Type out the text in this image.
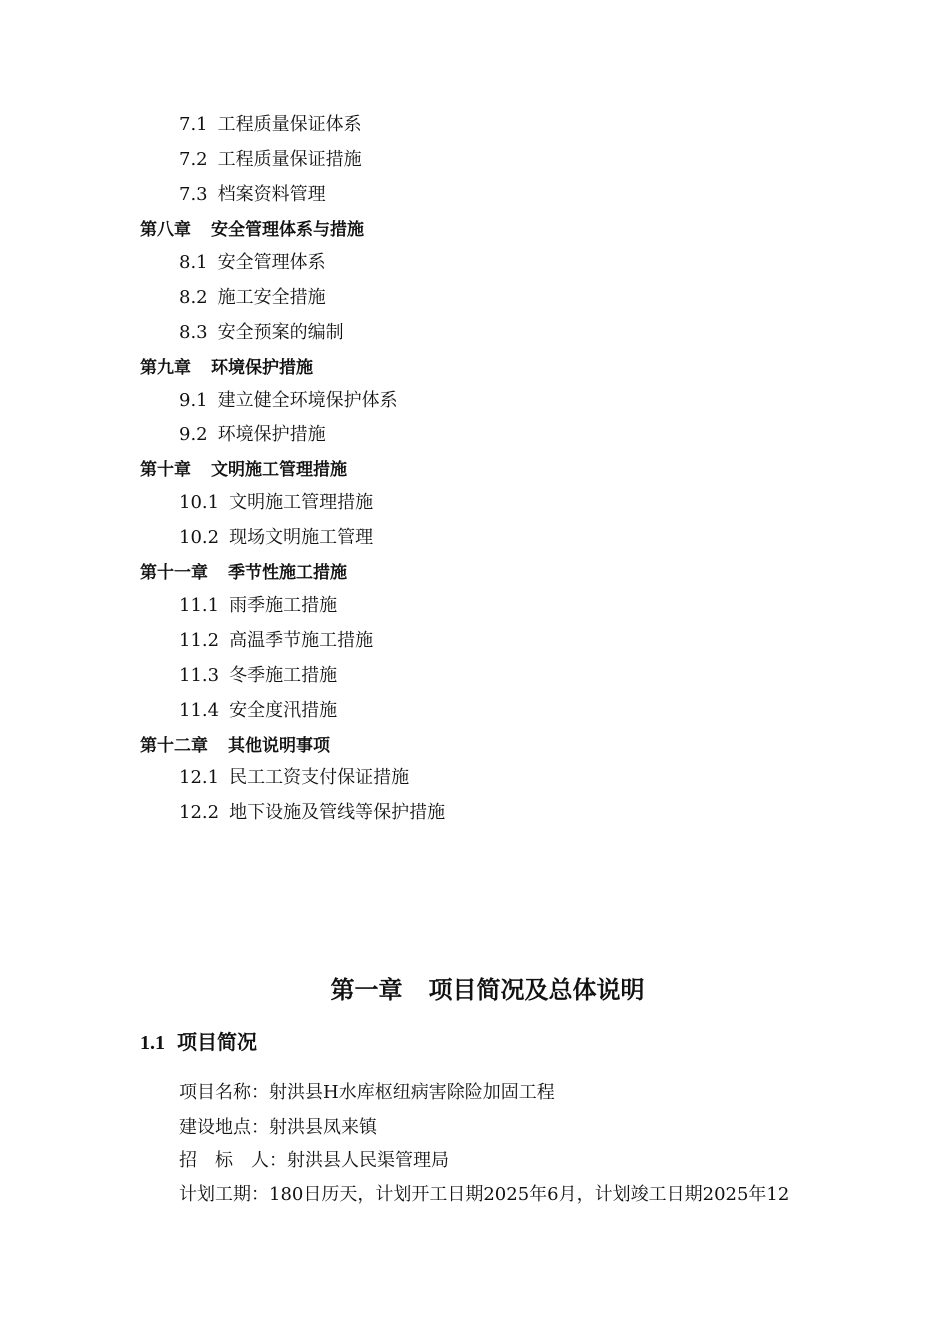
7.1 工程质量保证体系
7.2 工程质量保证措施
7.3 档案资料管理
第八章 安全管理体系与措施
8.1 安全管理体系
8.2 施工安全措施
8.3 安全预案的编制
第九章 环境保护措施
9.1 建立健全环境保护体系
9.2 环境保护措施
第十章 文明施工管理措施
10.1 文明施工管理措施
10.2 现场文明施工管理
第十一章 季节性施工措施
11.1 雨季施工措施
11.2 高温季节施工措施
11.3 冬季施工措施
11.4 安全度汛措施
第十二章 其他说明事项
12.1 民工工资支付保证措施
12.2 地下设施及管线等保护措施
第一章 项目简况及总体说明
1.1 项目简况
项目名称：射洪县H水库枢纽病害除险加固工程
建设地点：射洪县凤来镇
招　标　人：射洪县人民渠管理局
计划工期：180日历天，计划开工日期2025年6月，计划竣工日期2025年12
